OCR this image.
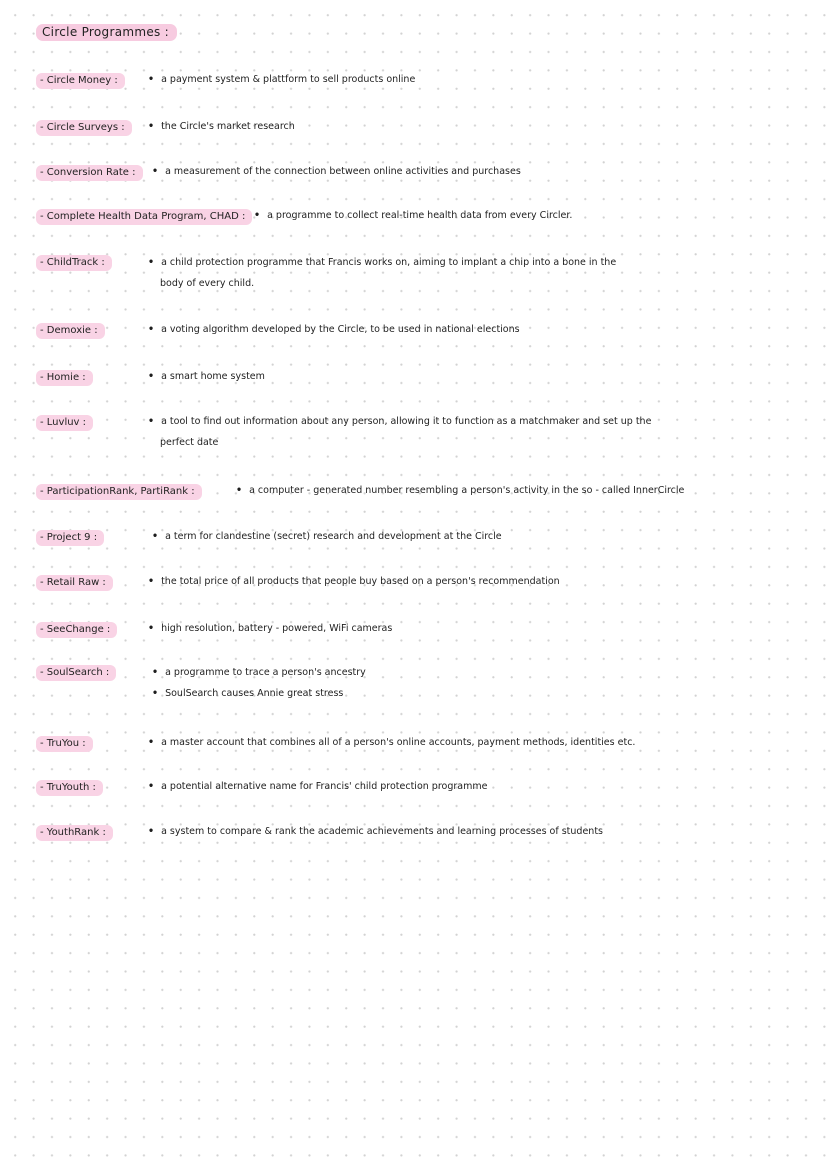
Circle Programmes :
- Circle Money :	• a payment system & plattform to sell products online
- Circle Surveys :	• the Circle's market research
- Conversion Rate :	• a measurement of the connection between online activities and purchases
- Complete Health Data Program, CHAD : • a programme to collect real-time health data from every Circler.
- ChildTrack :	• a child protection programme that Francis works on, aiming to implant a chip into a bone in the
body of every child.
- Demoxie :	• a voting algorithm developed by the Circle, to be used in national elections
- Homie :	• a smart home system
- Luvluv :	• a tool to find out information about any person, allowing it to function as a matchmaker and set up the
perfect date
- ParticipationRank, PartiRank :	• a computer - generated number resembling a person's activity in the so - called InnerCircle
- Project 9 :	• a term for clandestine (secret) research and development at the Circle
- Retail Raw :	• the total price of all products that people buy based on a person's recommendation
- SeeChange :	• high resolution, battery - powered, WiFi cameras
- SoulSearch :	• a programme to trace a person's ancestry
• SoulSearch causes Annie great stress
- TruYou :	• a master account that combines all of a person's online accounts, payment methods, identities etc.
- TruYouth :	• a potential alternative name for Francis' child protection programme
- YouthRank :	• a system to compare & rank the academic achievements and learning processes of students
